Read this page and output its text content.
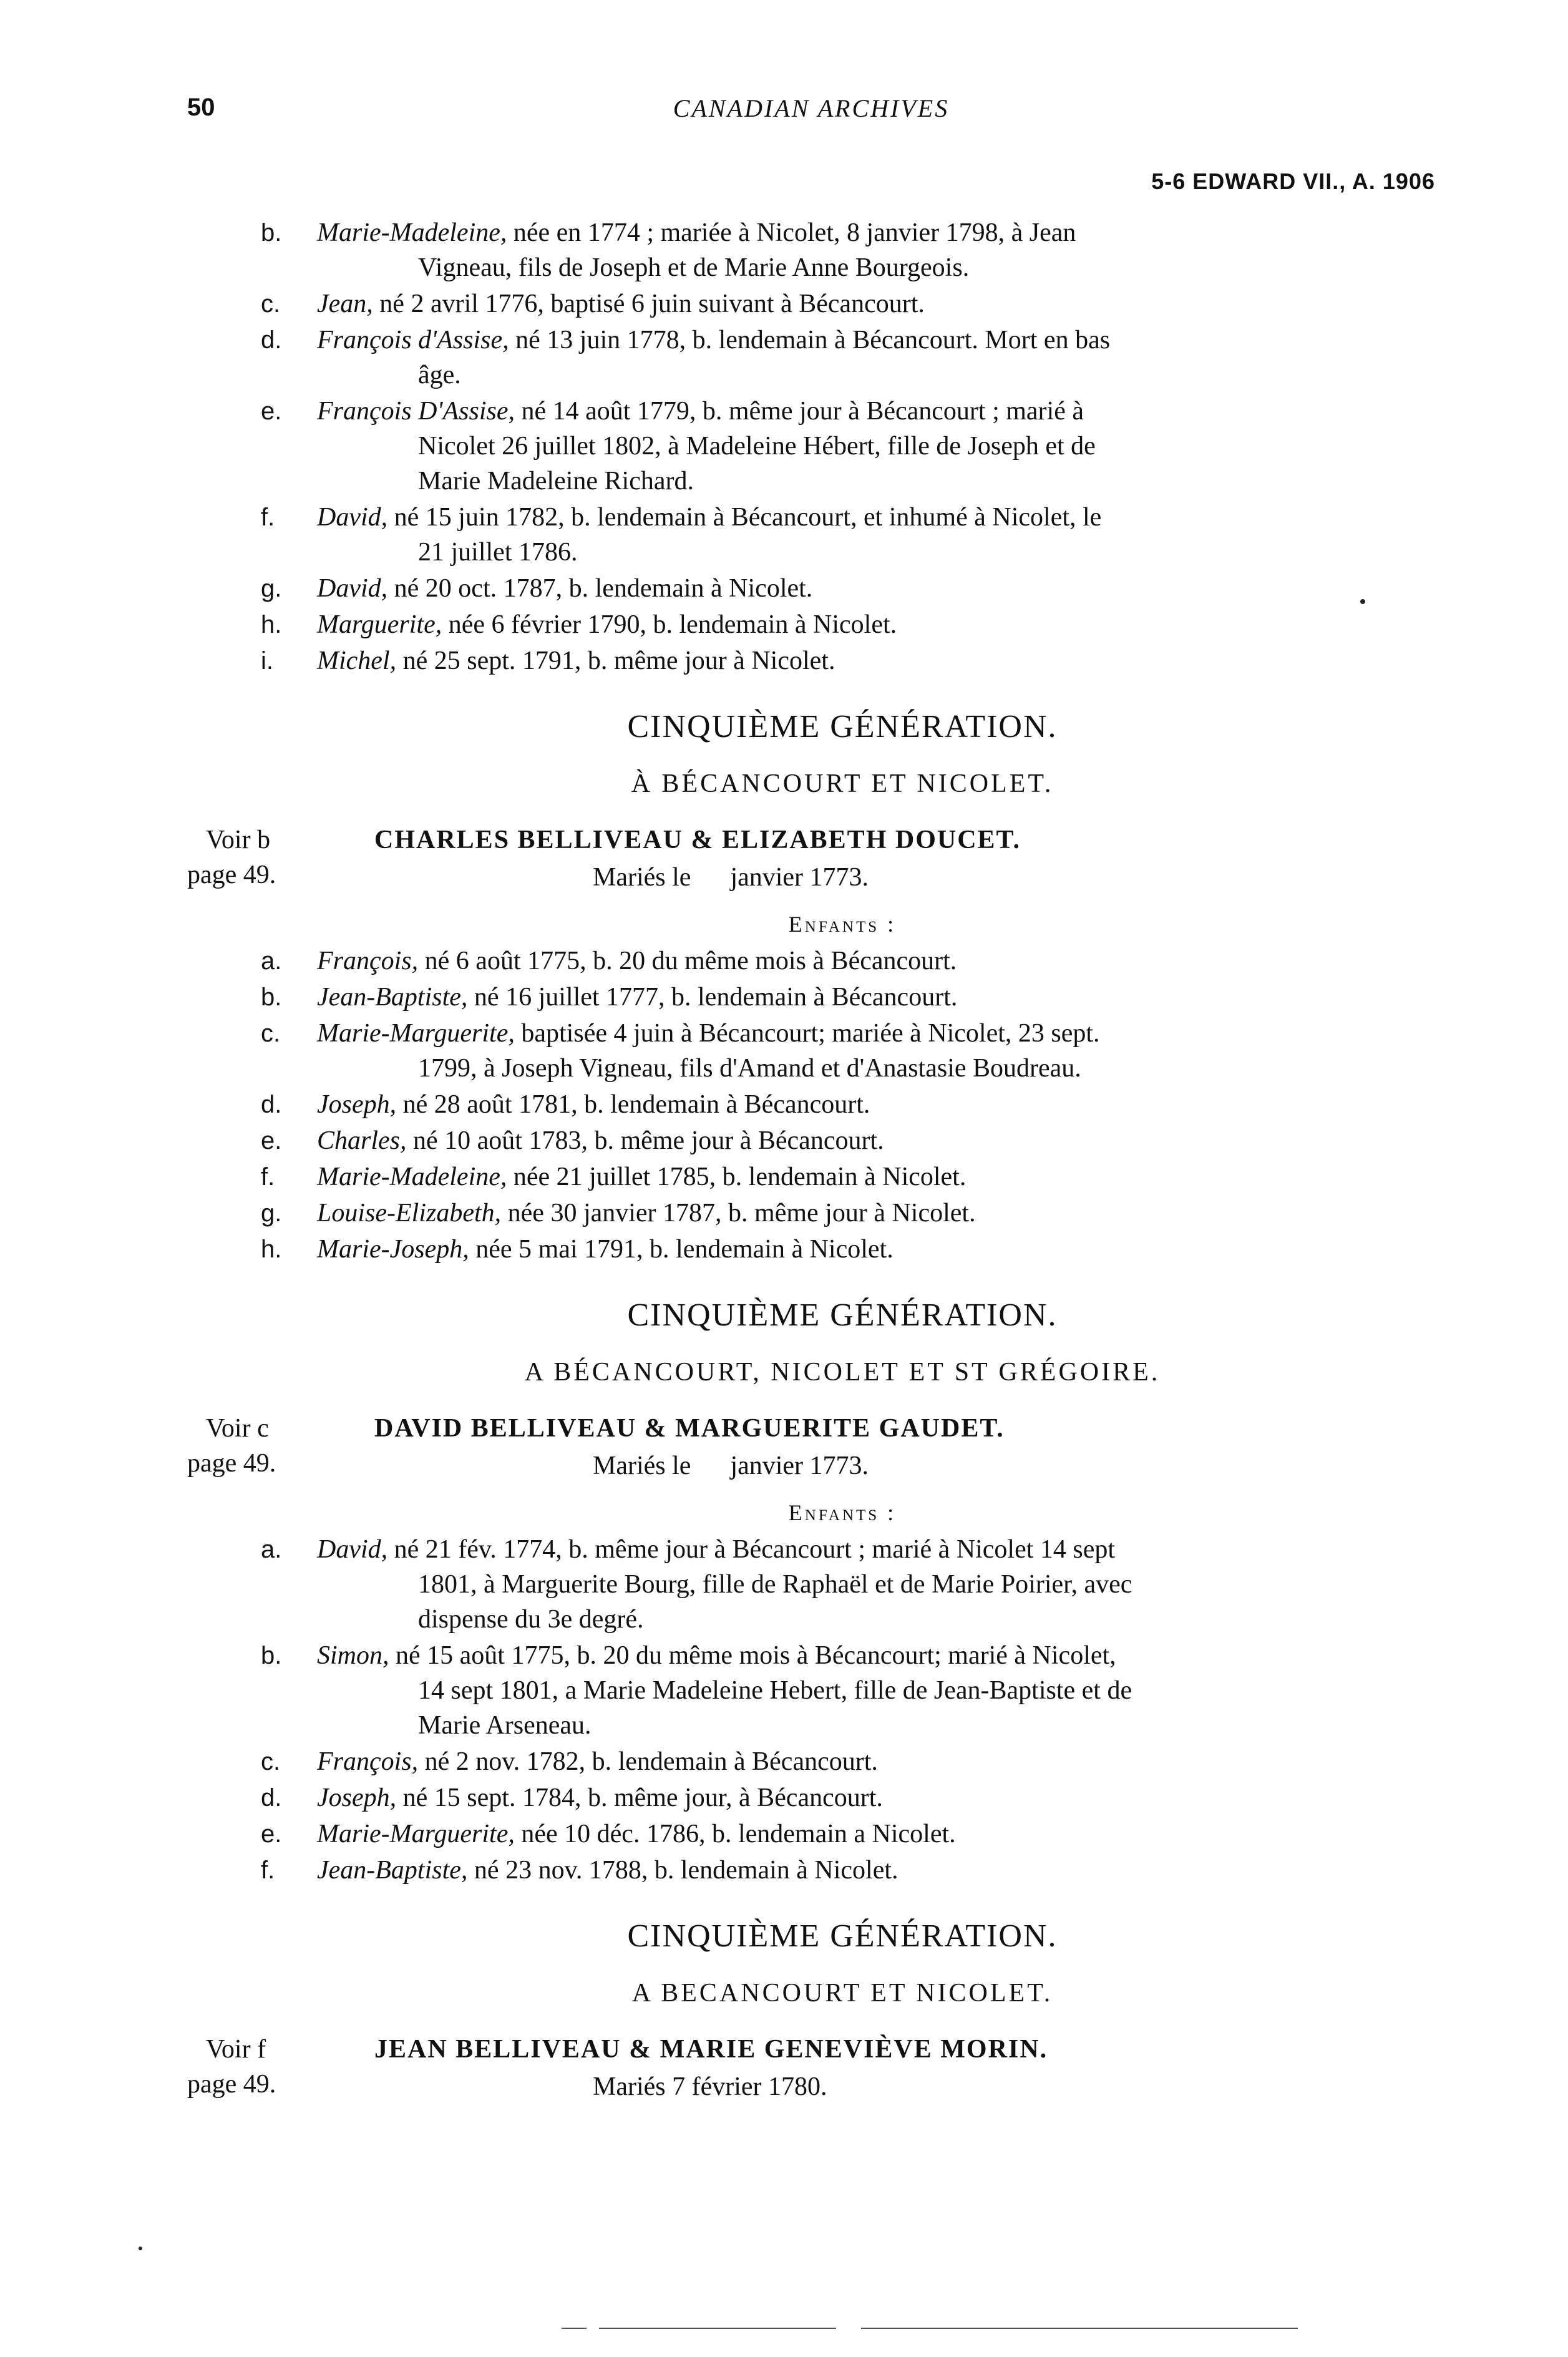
50	CANADIAN ARCHIVES
5-6 EDWARD VII., A. 1906
b. Marie-Madeleine, née en 1774 ; mariée à Nicolet, 8 janvier 1798, à Jean
Vigneau, fils de Joseph et de Marie Anne Bourgeois.
c. Jean, né 2 avril 1776, baptisé 6 juin suivant à Bécancourt.
d. François d'Assise, né 13 juin 1778, b. lendemain à Bécancourt. Mort en bas
âge.
e. François D'Assise, né 14 août 1779, b. même jour à Bécancourt ; marié à
Nicolet 26 juillet 1802, à Madeleine Hébert, fille de Joseph et de
Marie Madeleine Richard.
f. David, né 15 juin 1782, b. lendemain à Bécancourt, et inhumé à Nicolet, le
21 juillet 1786.
g. David, né 20 oct. 1787, b. lendemain à Nicolet.
h. Marguerite, née 6 février 1790, b. lendemain à Nicolet.
i. Michel, né 25 sept. 1791, b. même jour à Nicolet.
CINQUIÈME GÉNÉRATION.
À BÉCANCOURT ET NICOLET.
Voir b
page 49.
CHARLES BELLIVEAU & ELIZABETH DOUCET.
Mariés le      janvier 1773.
Enfants :
a. François, né 6 août 1775, b. 20 du même mois à Bécancourt.
b. Jean-Baptiste, né 16 juillet 1777, b. lendemain à Bécancourt.
c. Marie-Marguerite, baptisée 4 juin à Bécancourt; mariée à Nicolet, 23 sept.
1799, à Joseph Vigneau, fils d'Amand et d'Anastasie Boudreau.
d. Joseph, né 28 août 1781, b. lendemain à Bécancourt.
e. Charles, né 10 août 1783, b. même jour à Bécancourt.
f. Marie-Madeleine, née 21 juillet 1785, b. lendemain à Nicolet.
g. Louise-Elizabeth, née 30 janvier 1787, b. même jour à Nicolet.
h. Marie-Joseph, née 5 mai 1791, b. lendemain à Nicolet.
CINQUIÈME GÉNÉRATION.
A BÉCANCOURT, NICOLET ET ST GRÉGOIRE.
Voir c
page 49.
DAVID BELLIVEAU & MARGUERITE GAUDET.
Mariés le      janvier 1773.
Enfants :
a. David, né 21 fév. 1774, b. même jour à Bécancourt ; marié à Nicolet 14 sept
1801, à Marguerite Bourg, fille de Raphaël et de Marie Poirier, avec
dispense du 3e degré.
b. Simon, né 15 août 1775, b. 20 du même mois à Bécancourt; marié à Nicolet,
14 sept 1801, a Marie Madeleine Hebert, fille de Jean-Baptiste et de
Marie Arseneau.
c. François, né 2 nov. 1782, b. lendemain à Bécancourt.
d. Joseph, né 15 sept. 1784, b. même jour, à Bécancourt.
e. Marie-Marguerite, née 10 déc. 1786, b. lendemain a Nicolet.
f. Jean-Baptiste, né 23 nov. 1788, b. lendemain à Nicolet.
CINQUIÈME GÉNÉRATION.
A BECANCOURT ET NICOLET.
Voir f
page 49.
JEAN BELLIVEAU & MARIE GENEVIÈVE MORIN.
Mariés 7 février 1780.
